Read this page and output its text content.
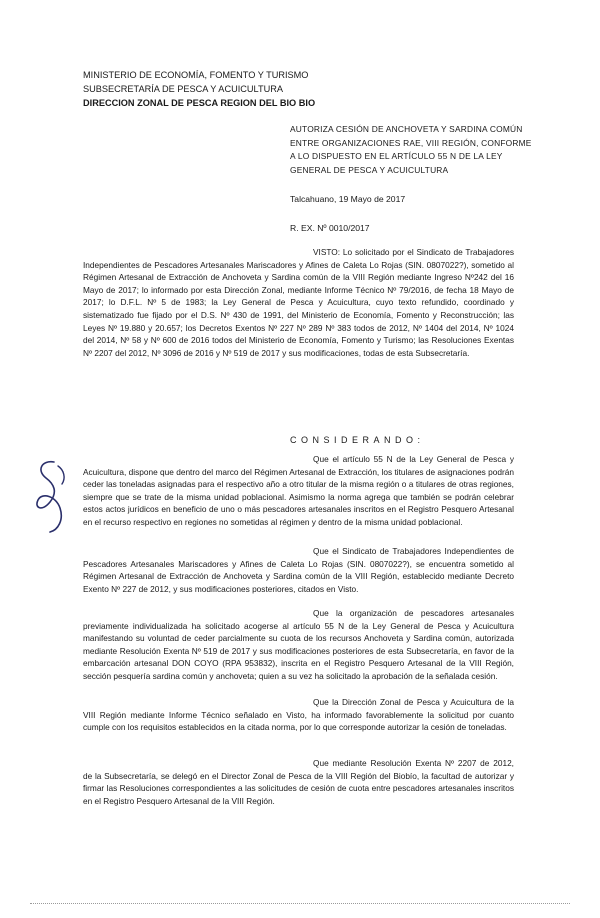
MINISTERIO DE ECONOMÍA, FOMENTO Y TURISMO
SUBSECRETARÍA DE PESCA Y ACUICULTURA
DIRECCION ZONAL DE PESCA REGION DEL BIO BIO
AUTORIZA CESIÓN DE ANCHOVETA Y SARDINA COMÚN ENTRE ORGANIZACIONES RAE, VIII REGIÓN, CONFORME A LO DISPUESTO EN EL ARTÍCULO 55 N DE LA LEY GENERAL DE PESCA Y ACUICULTURA
Talcahuano, 19 Mayo de 2017
R. EX. Nº 0010/2017
VISTO: Lo solicitado por el Sindicato de Trabajadores Independientes de Pescadores Artesanales Mariscadores y Afines de Caleta Lo Rojas (SIN. 0807022?), sometido al Régimen Artesanal de Extracción de Anchoveta y Sardina común de la VIII Región mediante Ingreso Nº242 del 16 Mayo de 2017; lo informado por esta Dirección Zonal, mediante Informe Técnico Nº 79/2016, de fecha 18 Mayo de 2017; lo D.F.L. Nº 5 de 1983; la Ley General de Pesca y Acuicultura, cuyo texto refundido, coordinado y sistematizado fue fijado por el D.S. Nº 430 de 1991, del Ministerio de Economía, Fomento y Reconstrucción; las Leyes Nº 19.880 y 20.657; los Decretos Exentos Nº 227 Nº 289 Nº 383 todos de 2012, Nº 1404 del 2014, Nº 1024 del 2014, Nº 58 y Nº 600 de 2016 todos del Ministerio de Economía, Fomento y Turismo; las Resoluciones Exentas Nº 2207 del 2012, Nº 3096 de 2016 y Nº 519 de 2017 y sus modificaciones, todas de esta Subsecretaría.
CONSIDERANDO:
Que el artículo 55 N de la Ley General de Pesca y Acuicultura, dispone que dentro del marco del Régimen Artesanal de Extracción, los titulares de asignaciones podrán ceder las toneladas asignadas para el respectivo año a otro titular de la misma región o a titulares de otras regiones, siempre que se trate de la misma unidad poblacional. Asimismo la norma agrega que también se podrán celebrar estos actos jurídicos en beneficio de uno o más pescadores artesanales inscritos en el Registro Pesquero Artesanal en el recurso respectivo en regiones no sometidas al régimen y dentro de la misma unidad poblacional.
Que el Sindicato de Trabajadores Independientes de Pescadores Artesanales Mariscadores y Afines de Caleta Lo Rojas (SIN. 0807022?), se encuentra sometido al Régimen Artesanal de Extracción de Anchoveta y Sardina común de la VIII Región, establecido mediante Decreto Exento Nº 227 de 2012, y sus modificaciones posteriores, citados en Visto.
Que la organización de pescadores artesanales previamente individualizada ha solicitado acogerse al artículo 55 N de la Ley General de Pesca y Acuicultura manifestando su voluntad de ceder parcialmente su cuota de los recursos Anchoveta y Sardina común, autorizada mediante Resolución Exenta Nº 519 de 2017 y sus modificaciones posteriores de esta Subsecretaría, en favor de la embarcación artesanal DON COYO (RPA 953832), inscrita en el Registro Pesquero Artesanal de la VIII Región, sección pesquería sardina común y anchoveta; quien a su vez ha solicitado la aprobación de la señalada cesión.
Que la Dirección Zonal de Pesca y Acuicultura de la VIII Región mediante Informe Técnico señalado en Visto, ha informado favorablemente la solicitud por cuanto cumple con los requisitos establecidos en la citada norma, por lo que corresponde autorizar la cesión de toneladas.
Que mediante Resolución Exenta Nº 2207 de 2012, de la Subsecretaría, se delegó en el Director Zonal de Pesca de la VIII Región del Biobío, la facultad de autorizar y firmar las Resoluciones correspondientes a las solicitudes de cesión de cuota entre pescadores artesanales inscritos en el Registro Pesquero Artesanal de la VIII Región.
